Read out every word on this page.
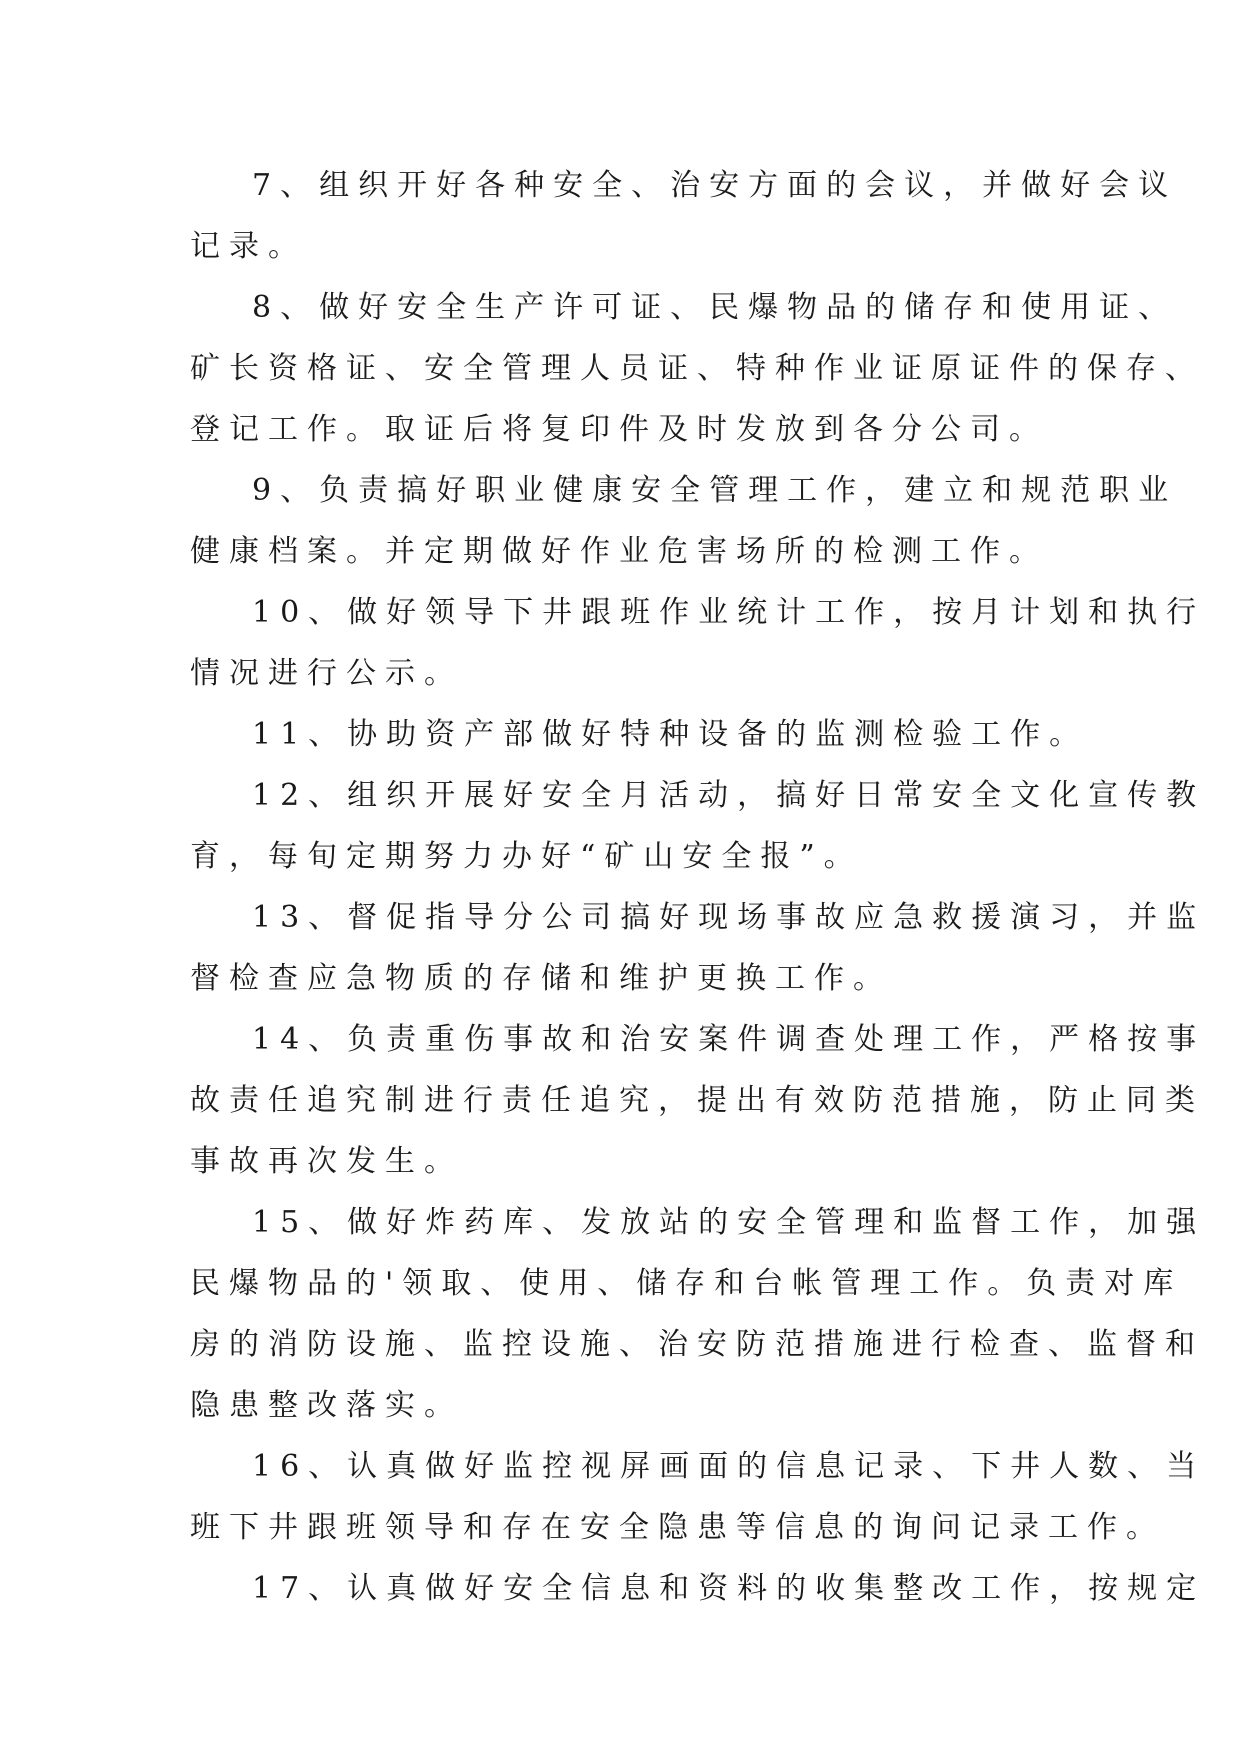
7、组织开好各种安全、治安方面的会议，并做好会议
记录。
8、做好安全生产许可证、民爆物品的储存和使用证、
矿长资格证、安全管理人员证、特种作业证原证件的保存、
登记工作。取证后将复印件及时发放到各分公司。
9、负责搞好职业健康安全管理工作，建立和规范职业
健康档案。并定期做好作业危害场所的检测工作。
10、做好领导下井跟班作业统计工作，按月计划和执行
情况进行公示。
11、协助资产部做好特种设备的监测检验工作。
12、组织开展好安全月活动，搞好日常安全文化宣传教
育，每旬定期努力办好“矿山安全报”。
13、督促指导分公司搞好现场事故应急救援演习，并监
督检查应急物质的存储和维护更换工作。
14、负责重伤事故和治安案件调查处理工作，严格按事
故责任追究制进行责任追究，提出有效防范措施，防止同类
事故再次发生。
15、做好炸药库、发放站的安全管理和监督工作，加强
民爆物品的'领取、使用、储存和台帐管理工作。负责对库
房的消防设施、监控设施、治安防范措施进行检查、监督和
隐患整改落实。
16、认真做好监控视屏画面的信息记录、下井人数、当
班下井跟班领导和存在安全隐患等信息的询问记录工作。
17、认真做好安全信息和资料的收集整改工作，按规定
